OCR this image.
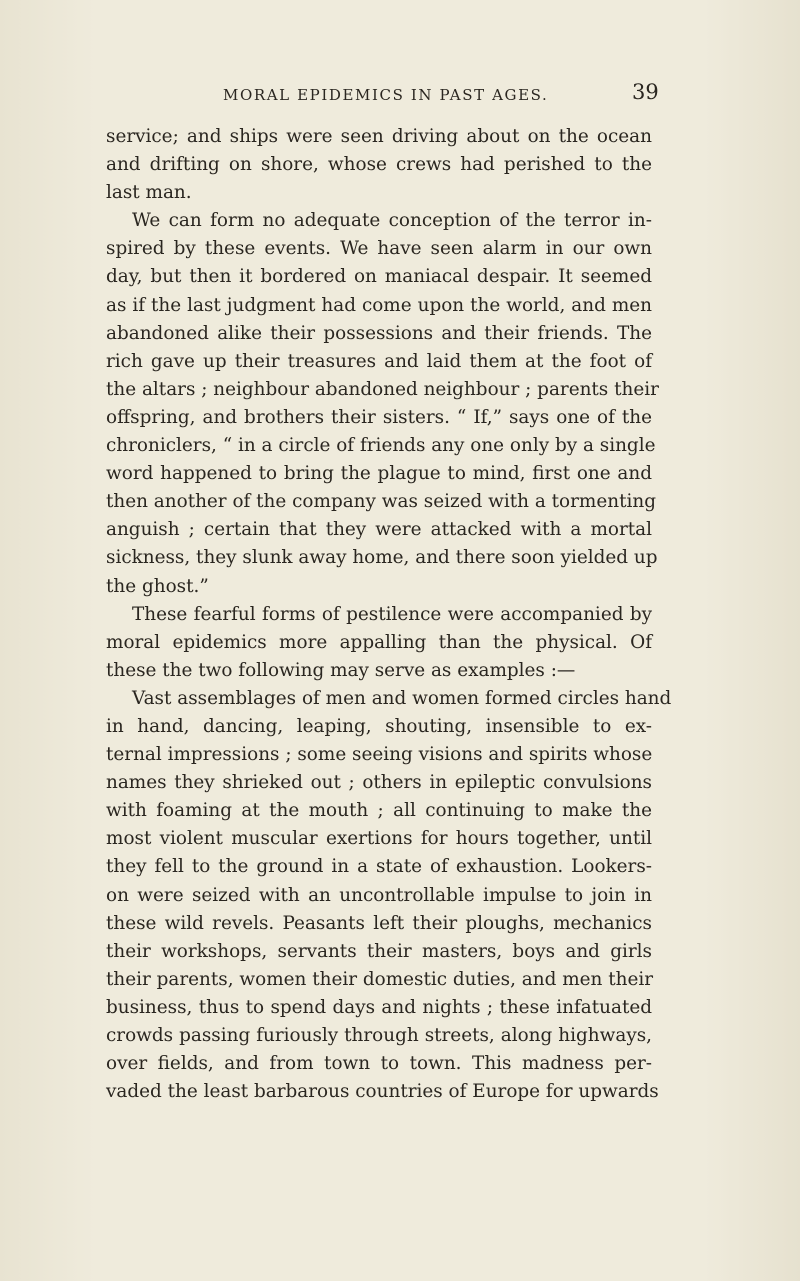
MORAL EPIDEMICS IN PAST AGES.	39
service; and ships were seen driving about on the ocean
and drifting on shore, whose crews had perished to the
last man.
We can form no adequate conception of the terror in-
spired by these events. We have seen alarm in our own
day, but then it bordered on maniacal despair. It seemed
as if the last judgment had come upon the world, and men
abandoned alike their possessions and their friends. The
rich gave up their treasures and laid them at the foot of
the altars ; neighbour abandoned neighbour ; parents their
offspring, and brothers their sisters. “ If,” says one of the
chroniclers, “ in a circle of friends any one only by a single
word happened to bring the plague to mind, first one and
then another of the company was seized with a tormenting
anguish ; certain that they were attacked with a mortal
sickness, they slunk away home, and there soon yielded up
the ghost.”
These fearful forms of pestilence were accompanied by
moral epidemics more appalling than the physical. Of
these the two following may serve as examples :—
Vast assemblages of men and women formed circles hand
in hand, dancing, leaping, shouting, insensible to ex-
ternal impressions ; some seeing visions and spirits whose
names they shrieked out ; others in epileptic convulsions
with foaming at the mouth ; all continuing to make the
most violent muscular exertions for hours together, until
they fell to the ground in a state of exhaustion. Lookers-
on were seized with an uncontrollable impulse to join in
these wild revels. Peasants left their ploughs, mechanics
their workshops, servants their masters, boys and girls
their parents, women their domestic duties, and men their
business, thus to spend days and nights ; these infatuated
crowds passing furiously through streets, along highways,
over fields, and from town to town. This madness per-
vaded the least barbarous countries of Europe for upwards
